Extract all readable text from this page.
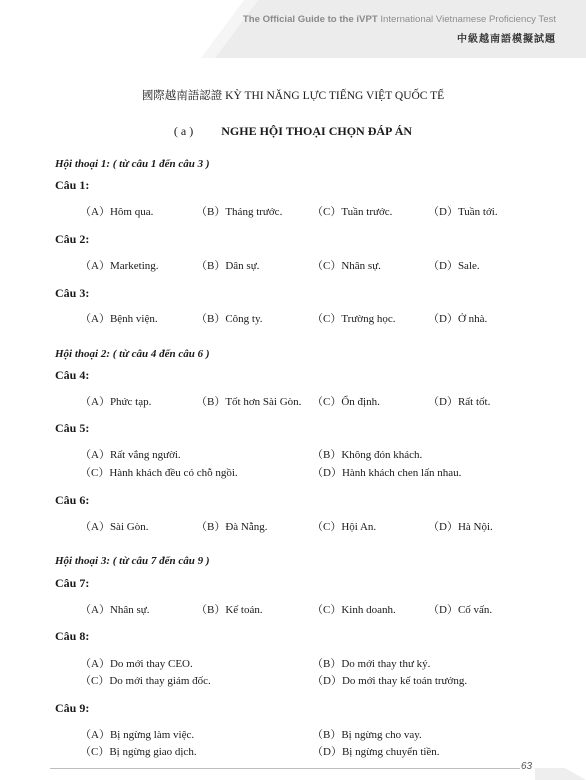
The Official Guide to the iVPT International Vietnamese Proficiency Test
中級越南語模擬試題
國際越南語認證 KỲ THI NĂNG LỰC TIẾNG VIỆT QUỐC TẾ
( a ) NGHE HỘI THOẠI CHỌN ĐÁP ÁN
Hội thoại 1: ( từ câu 1 đến câu 3 )
Câu 1:
（A）Hôm qua.	（B）Tháng trước.	（C）Tuần trước.	（D）Tuần tới.
Câu 2:
（A）Marketing.	（B）Dân sự.	（C）Nhân sự.	（D）Sale.
Câu 3:
（A）Bệnh viện.	（B）Công ty.	（C）Trường học.	（D）Ở nhà.
Hội thoại 2: ( từ câu 4 đến câu 6 )
Câu 4:
（A）Phức tạp.	（B）Tốt hơn Sài Gòn. （C）Ổn định.	（D）Rất tốt.
Câu 5:
（A）Rất vắng người.	（B）Không đón khách.
（C）Hành khách đều có chỗ ngồi.	（D）Hành khách chen lấn nhau.
Câu 6:
（A）Sài Gòn.	（B）Đà Nẵng.	（C）Hội An.	（D）Hà Nội.
Hội thoại 3: ( từ câu 7 đến câu 9 )
Câu 7:
（A）Nhân sự.	（B）Kế toán.	（C）Kinh doanh.	（D）Cố vấn.
Câu 8:
（A）Do mới thay CEO.	（B）Do mới thay thư ký.
（C）Do mới thay giám đốc.	（D）Do mới thay kế toán trưởng.
Câu 9:
（A）Bị ngừng làm việc.	（B）Bị ngừng cho vay.
（C）Bị ngừng giao dịch.	（D）Bị ngừng chuyển tiền.
63
